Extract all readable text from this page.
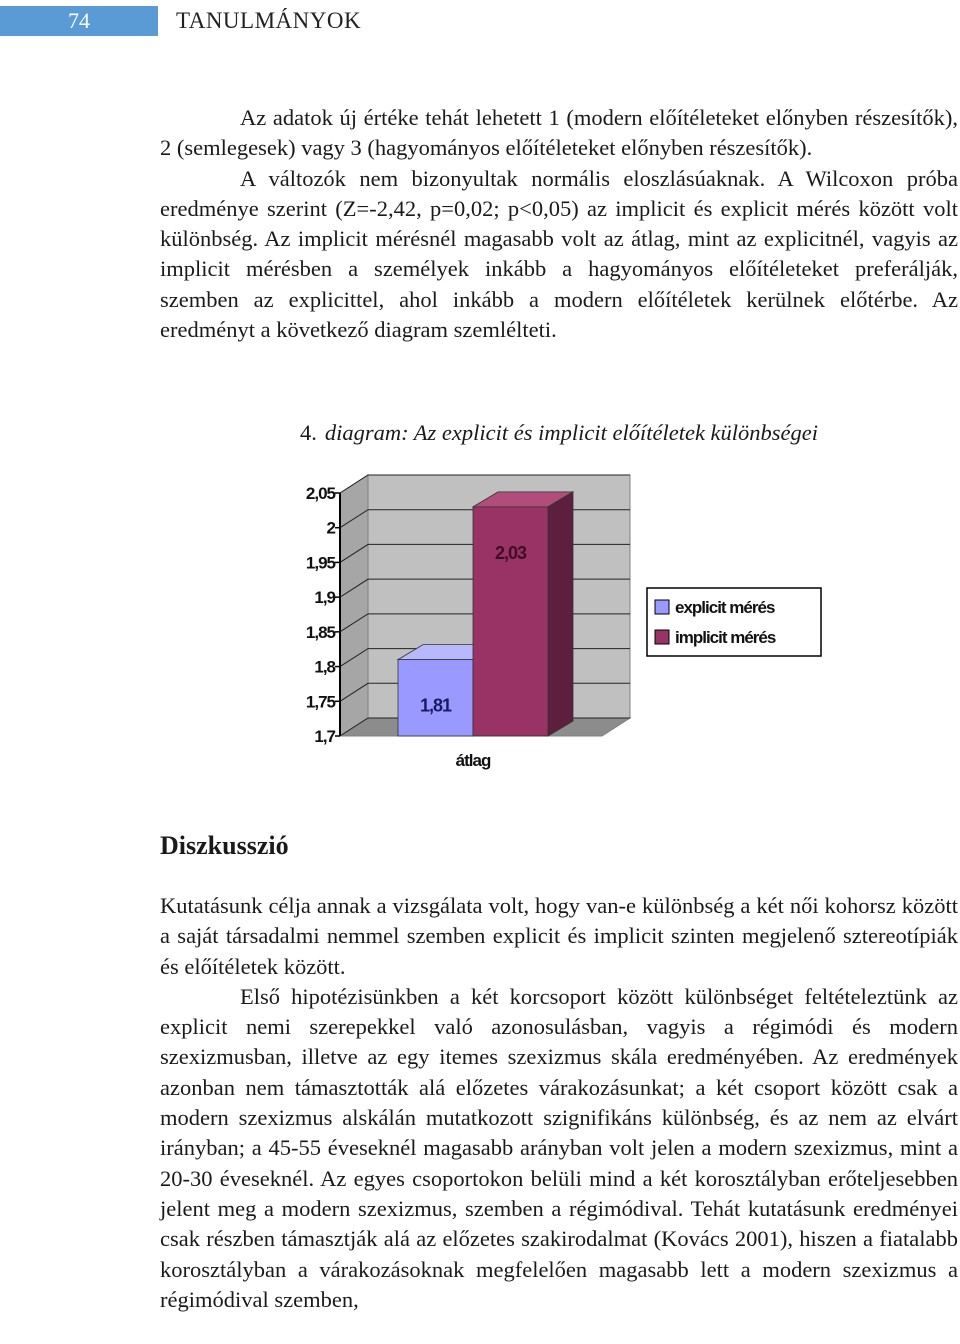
74	TANULMÁNYOK

Az adatok új értéke tehát lehetett 1 (modern előítéleteket előnyben részesítők), 2 (semlegesek) vagy 3 (hagyományos előítéleteket előnyben részesítők).

A változók nem bizonyultak normális eloszlásúaknak. A Wilcoxon próba eredménye szerint (Z=-2,42, p=0,02; p<0,05) az implicit és explicit mérés között volt különbség. Az implicit mérésnél magasabb volt az átlag, mint az explicitnél, vagyis az implicit mérésben a személyek inkább a hagyományos előítéleteket preferálják, szemben az explicittel, ahol inkább a modern előítéletek kerülnek előtérbe. Az eredményt a következő diagram szemlélteti.

4. diagram: Az explicit és implicit előítéletek különbségei
1,7
1,75
1,8
1,85
1,9
1,95
2
2,05
1,81
2,03
átlag
explicit mérés
implicit mérés
Diszkusszió

Kutatásunk célja annak a vizsgálata volt, hogy van-e különbség a két női kohorsz között a saját társadalmi nemmel szemben explicit és implicit szinten megjelenő sztereotípiák és előítéletek között.

Első hipotézisünkben a két korcsoport között különbséget feltételeztünk az explicit nemi szerepekkel való azonosulásban, vagyis a régimódi és modern szexizmusban, illetve az egy itemes szexizmus skála eredményében. Az eredmények azonban nem támasztották alá előzetes várakozásunkat; a két csoport között csak a modern szexizmus alskálán mutatkozott szignifikáns különbség, és az nem az elvárt irányban; a 45-55 éveseknél magasabb arányban volt jelen a modern szexizmus, mint a 20-30 éveseknél. Az egyes csoportokon belüli mind a két korosztályban erőteljesebben jelent meg a modern szexizmus, szemben a régimódival. Tehát kutatásunk eredményei csak részben támasztják alá az előzetes szakirodalmat (Kovács 2001), hiszen a fiatalabb korosztályban a várakozásoknak megfelelően magasabb lett a modern szexizmus a régimódival szemben,
